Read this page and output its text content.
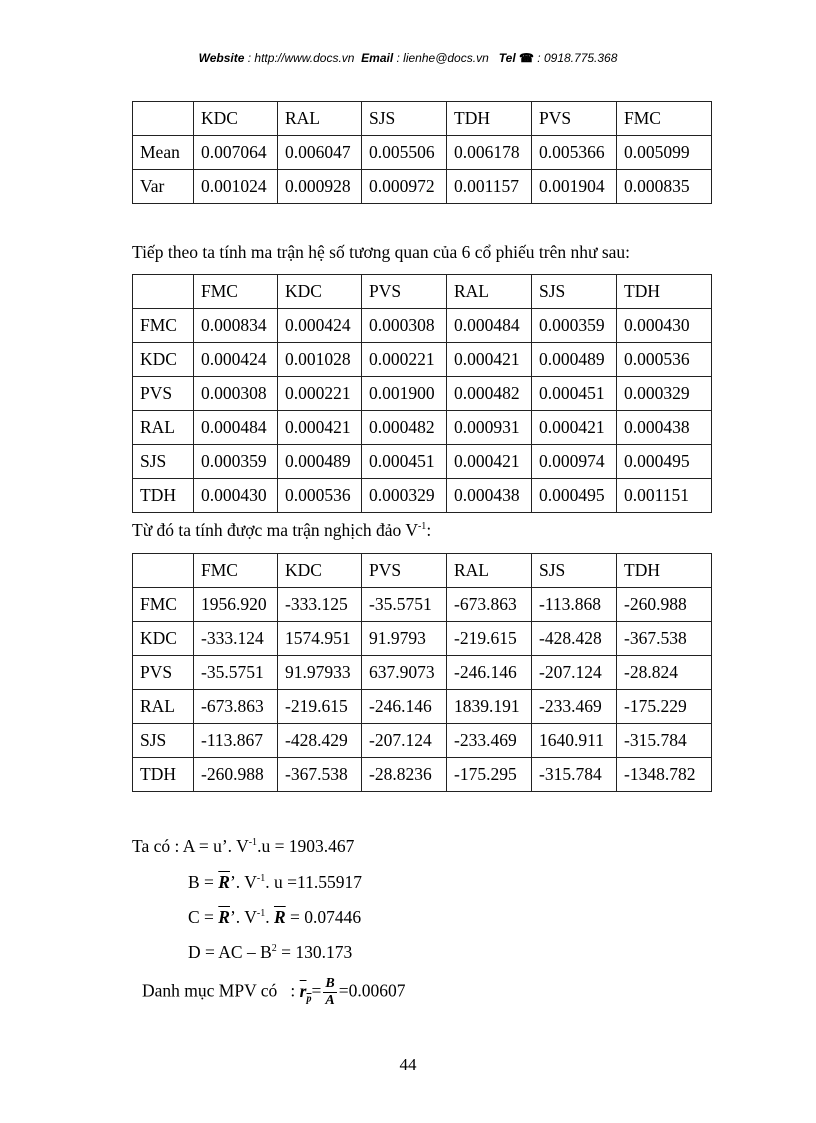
Website : http://www.docs.vn Email : lienhe@docs.vn Tel ☎ : 0918.775.368
	KDC	RAL	SJS	TDH	PVS	FMC
Mean	0.007064	0.006047	0.005506	0.006178	0.005366	0.005099
Var	0.001024	0.000928	0.000972	0.001157	0.001904	0.000835
Tiếp theo ta tính ma trận hệ số tương quan của 6 cổ phiếu trên như sau:
	FMC	KDC	PVS	RAL	SJS	TDH
FMC	0.000834	0.000424	0.000308	0.000484	0.000359	0.000430
KDC	0.000424	0.001028	0.000221	0.000421	0.000489	0.000536
PVS	0.000308	0.000221	0.001900	0.000482	0.000451	0.000329
RAL	0.000484	0.000421	0.000482	0.000931	0.000421	0.000438
SJS	0.000359	0.000489	0.000451	0.000421	0.000974	0.000495
TDH	0.000430	0.000536	0.000329	0.000438	0.000495	0.001151
Từ đó ta tính được ma trận nghịch đảo $V^{-1}$:
	FMC	KDC	PVS	RAL	SJS	TDH
FMC	1956.920	-333.125	-35.5751	-673.863	-113.868	-260.988
KDC	-333.124	1574.951	91.9793	-219.615	-428.428	-367.538
PVS	-35.5751	91.97933	637.9073	-246.146	-207.124	-28.824
RAL	-673.863	-219.615	-246.146	1839.191	-233.469	-175.229
SJS	-113.867	-428.429	-207.124	-233.469	1640.911	-315.784
TDH	-260.988	-367.538	-28.8236	-175.295	-315.784	-1348.782
Ta có : A = u’. $V^{-1}.u = 1903.467$
$B = \overline{R}$’. $V^{-1}$. u =11.55917
$C = \overline{R}$’. $V^{-1}$. $\overline{R} = 0.07446$
D = AC – $B^2 = 130.173$
Danh mục MPV có : $r_p= \frac{B}{A} =0.00607$
44
